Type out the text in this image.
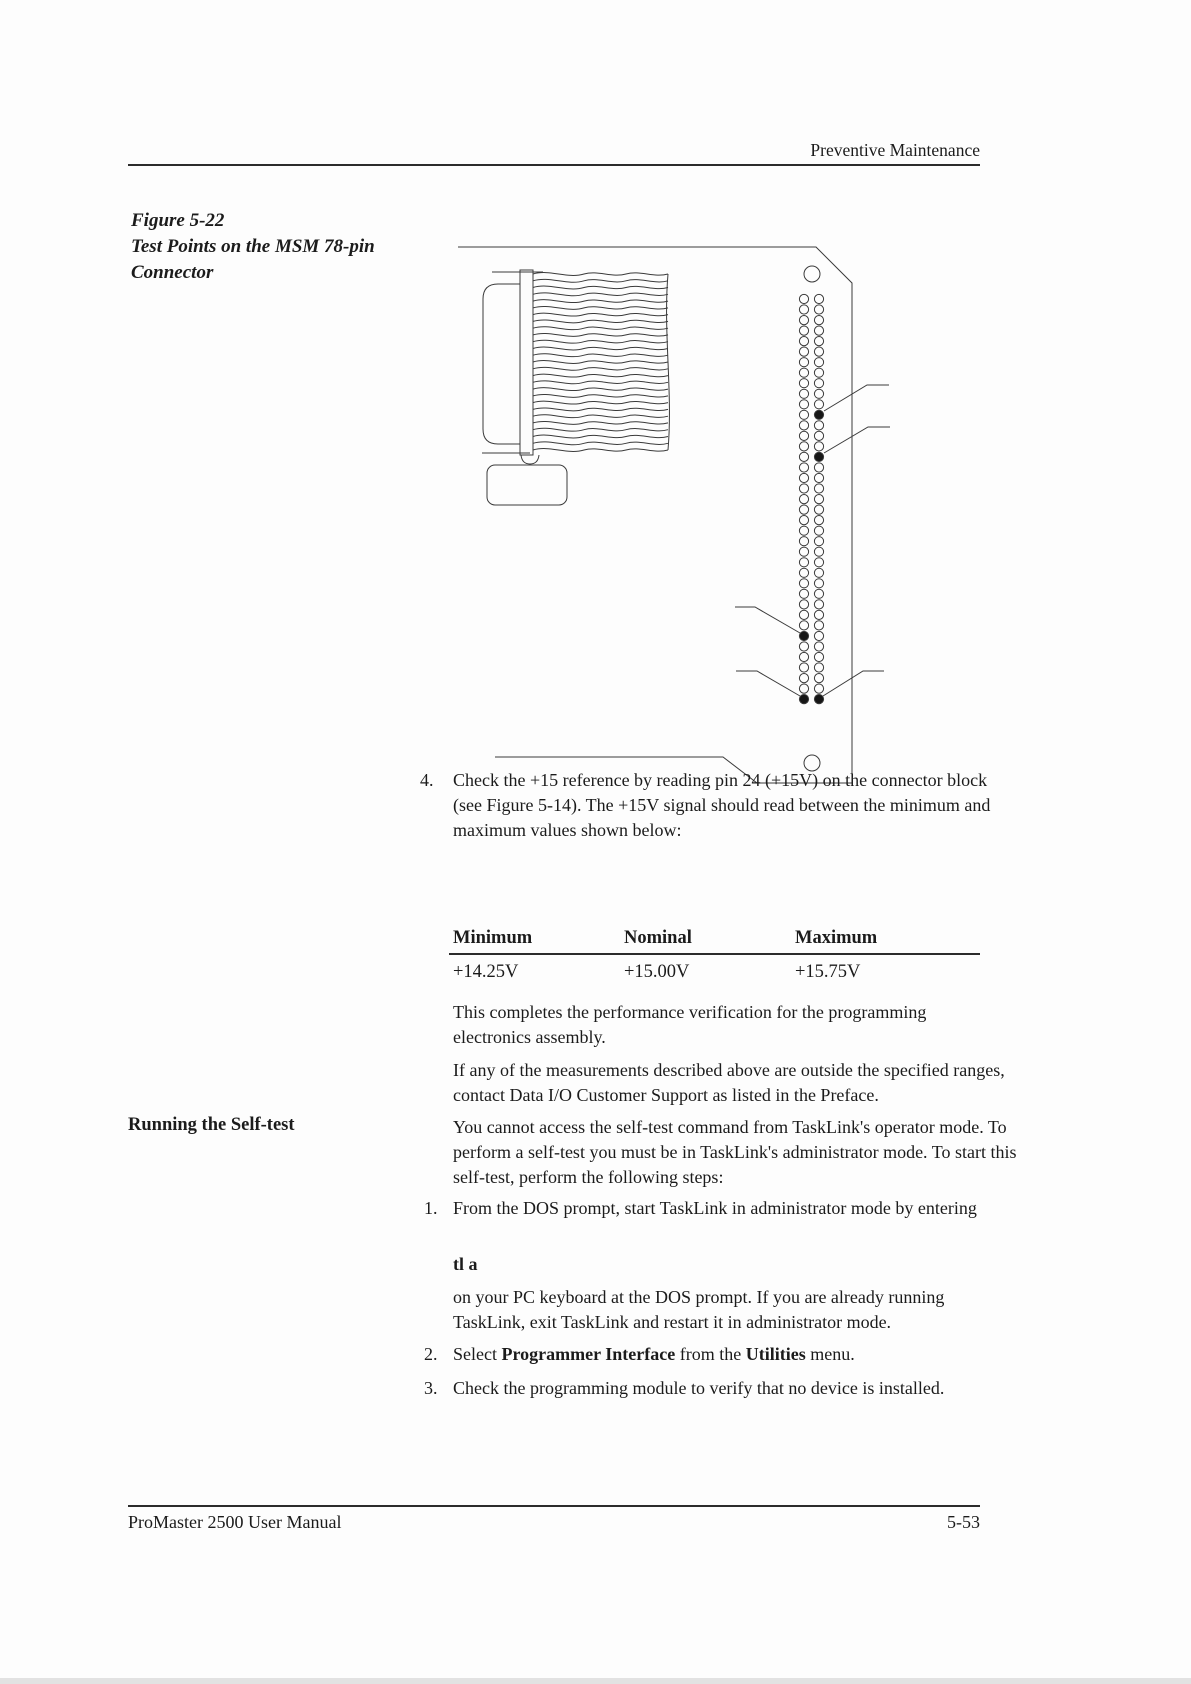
Preventive Maintenance
Figure 5-22
Test Points on the MSM 78-pin
Connector
4. Check the +15 reference by reading pin 24 (+15V) on the connector block (see Figure 5-14). The +15V signal should read between the minimum and maximum values shown below:
Minimum	Nominal	Maximum
+14.25V	+15.00V	+15.75V
This completes the performance verification for the programming electronics assembly.
If any of the measurements described above are outside the specified ranges, contact Data I/O Customer Support as listed in the Preface.
Running the Self-test	You cannot access the self-test command from TaskLink's operator mode. To perform a self-test you must be in TaskLink's administrator mode. To start this self-test, perform the following steps:
1. From the DOS prompt, start TaskLink in administrator mode by entering
tl a
on your PC keyboard at the DOS prompt. If you are already running TaskLink, exit TaskLink and restart it in administrator mode.
2. Select Programmer Interface from the Utilities menu.
3. Check the programming module to verify that no device is installed.
ProMaster 2500 User Manual	5-53
